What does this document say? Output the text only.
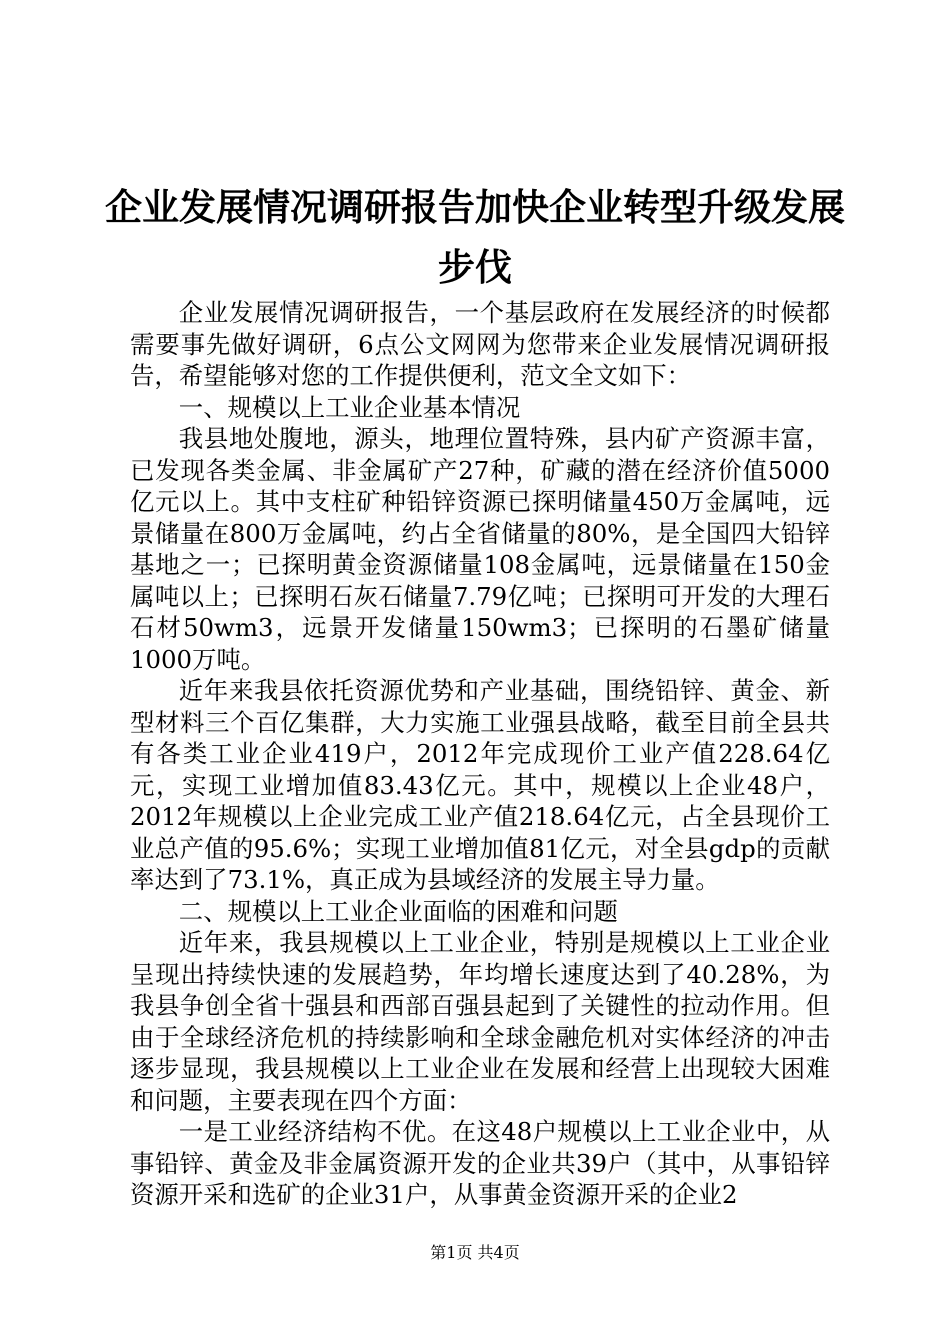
企业发展情况调研报告加快企业转型升级发展
步伐

企业发展情况调研报告，一个基层政府在发展经济的时候都需要事先做好调研，6点公文网网为您带来企业发展情况调研报告，希望能够对您的工作提供便利，范文全文如下：

一、规模以上工业企业基本情况

我县地处腹地，源头，地理位置特殊，县内矿产资源丰富，已发现各类金属、非金属矿产27种，矿藏的潜在经济价值5000亿元以上。其中支柱矿种铅锌资源已探明储量450万金属吨，远景储量在800万金属吨，约占全省储量的80%，是全国四大铅锌基地之一；已探明黄金资源储量108金属吨，远景储量在150金属吨以上；已探明石灰石储量7.79亿吨；已探明可开发的大理石石材50wm3，远景开发储量150wm3；已探明的石墨矿储量1000万吨。

近年来我县依托资源优势和产业基础，围绕铅锌、黄金、新型材料三个百亿集群，大力实施工业强县战略，截至目前全县共有各类工业企业419户，2012年完成现价工业产值228.64亿元，实现工业增加值83.43亿元。其中，规模以上企业48户，2012年规模以上企业完成工业产值218.64亿元，占全县现价工业总产值的95.6%；实现工业增加值81亿元，对全县gdp的贡献率达到了73.1%，真正成为县域经济的发展主导力量。

二、规模以上工业企业面临的困难和问题

近年来，我县规模以上工业企业，特别是规模以上工业企业呈现出持续快速的发展趋势，年均增长速度达到了40.28%，为我县争创全省十强县和西部百强县起到了关键性的拉动作用。但由于全球经济危机的持续影响和全球金融危机对实体经济的冲击逐步显现，我县规模以上工业企业在发展和经营上出现较大困难和问题，主要表现在四个方面：

一是工业经济结构不优。在这48户规模以上工业企业中，从事铅锌、黄金及非金属资源开发的企业共39户（其中，从事铅锌资源开采和选矿的企业31户，从事黄金资源开采的企业2

第1页 共4页
